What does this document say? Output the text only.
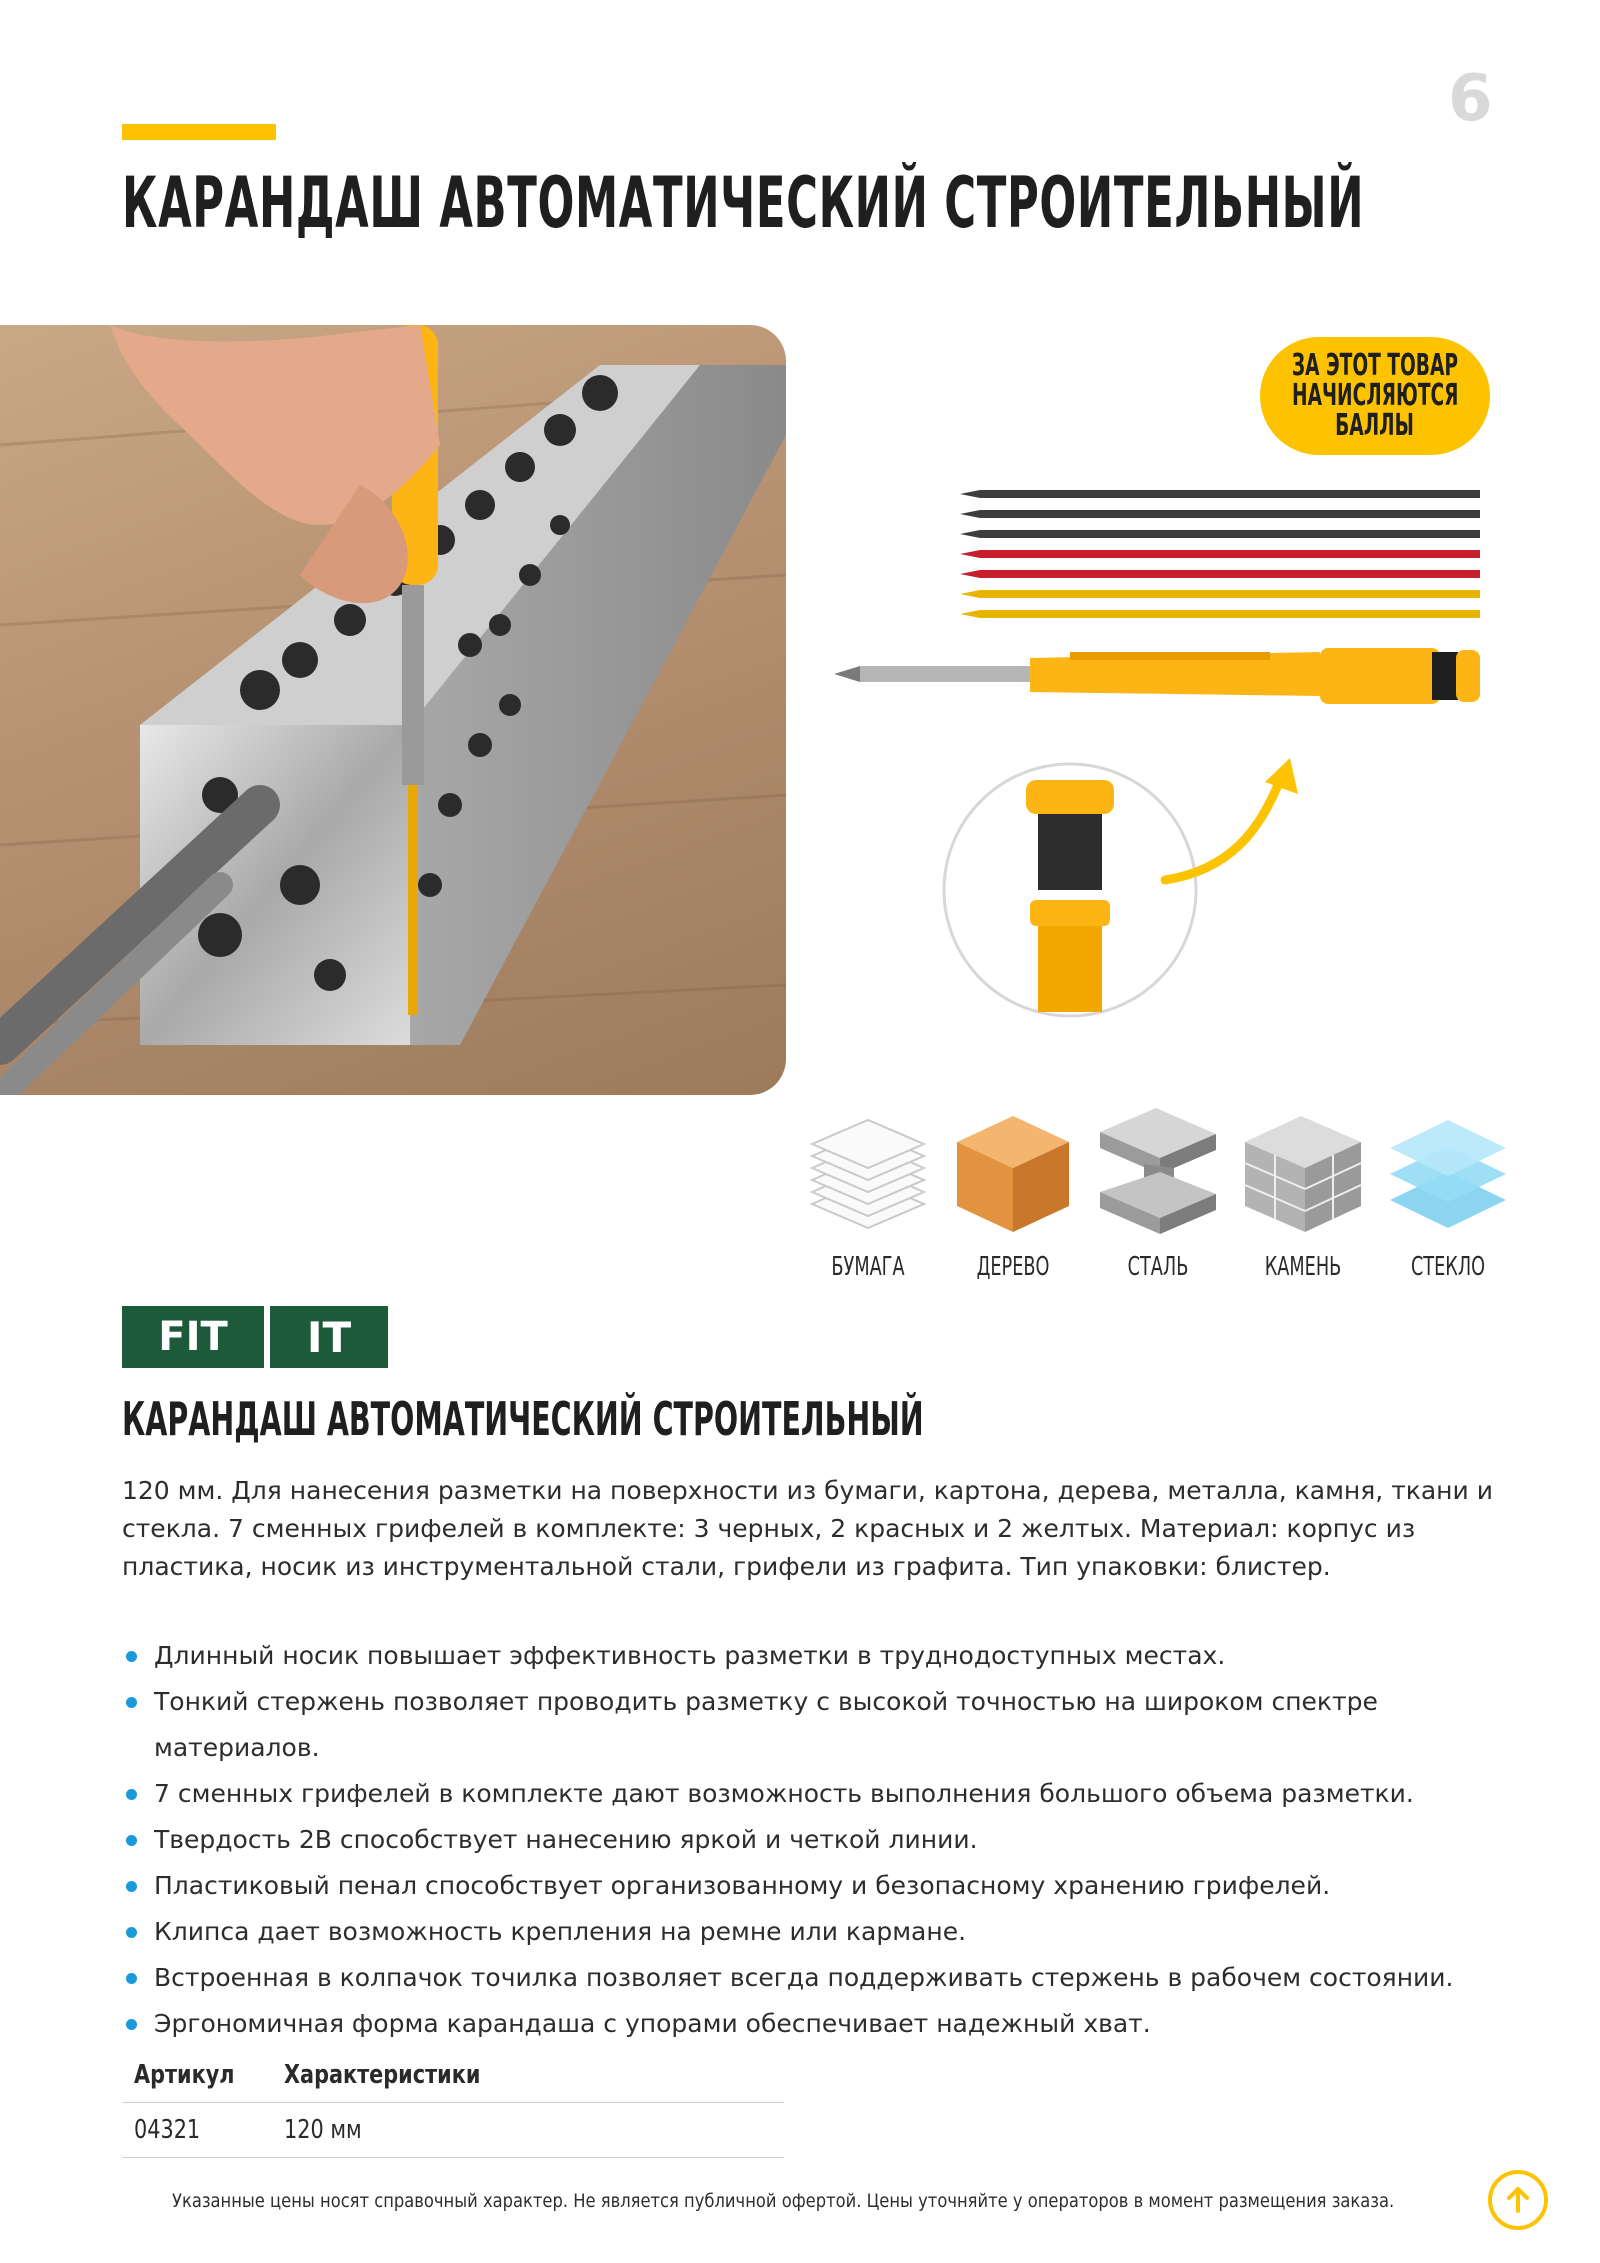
6
КАРАНДАШ АВТОМАТИЧЕСКИЙ СТРОИТЕЛЬНЫЙ
ЗА ЭТОТ ТОВАР
НАЧИСЛЯЮТСЯ
БАЛЛЫ
БУМАГА	ДЕРЕВО	СТАЛЬ	КАМЕНЬ	СТЕКЛО
FIT IT
КАРАНДАШ АВТОМАТИЧЕСКИЙ СТРОИТЕЛЬНЫЙ
120 мм. Для нанесения разметки на поверхности из бумаги, картона, дерева, металла, камня, ткани и стекла. 7 сменных грифелей в комплекте: 3 черных, 2 красных и 2 желтых. Материал: корпус из пластика, носик из инструментальной стали, грифели из графита. Тип упаковки: блистер.
Длинный носик повышает эффективность разметки в труднодоступных местах.
Тонкий стержень позволяет проводить разметку с высокой точностью на широком спектре материалов.
7 сменных грифелей в комплекте дают возможность выполнения большого объема разметки.
Твердость 2B способствует нанесению яркой и четкой линии.
Пластиковый пенал способствует организованному и безопасному хранению грифелей.
Клипса дает возможность крепления на ремне или кармане.
Встроенная в колпачок точилка позволяет всегда поддерживать стержень в рабочем состоянии.
Эргономичная форма карандаша с упорами обеспечивает надежный хват.
Артикул	Характеристики
04321	120 мм
Указанные цены носят справочный характер. Не является публичной офертой. Цены уточняйте у операторов в момент размещения заказа.
